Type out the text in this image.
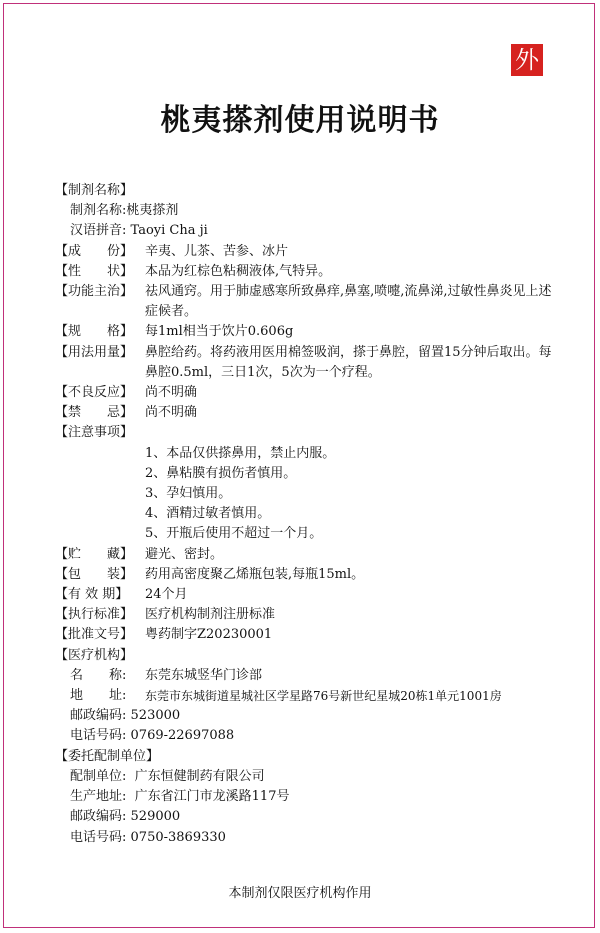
外
桃夷搽剂使用说明书
【制剂名称】
制剂名称: 桃夷搽剂
汉语拼音:
Taoyi Cha ji
【成　　份】 辛夷、儿茶、苦参、冰片
【性　　状】 本品为红棕色粘稠液体,气特异。
【功能主治】 祛风通窍。用于肺虚感寒所致鼻痒,鼻塞,喷嚏,流鼻涕,过敏性鼻炎见上述症候者。
【规　　格】 每1ml相当于饮片0.606g
【用法用量】 鼻腔给药。将药液用医用棉签吸润，搽于鼻腔，留置15分钟后取出。每鼻腔0.5ml，三日1次，5次为一个疗程。
【不良反应】 尚不明确
【禁　　忌】 尚不明确
【注意事项】
1、本品仅供搽鼻用，禁止内服。
2、鼻粘膜有损伤者慎用。
3、孕妇慎用。
4、酒精过敏者慎用。
5、开瓶后使用不超过一个月。
【贮　　藏】 避光、密封。
【包　　装】 药用高密度聚乙烯瓶包装,每瓶15ml。
【有 效 期】	24个月
【执行标准】 医疗机构制剂注册标准
【批准文号】 粤药制字Z20230001
【医疗机构】
名　　称:	东莞东城竖华门诊部
地　　址:	东莞市东城街道星城社区学星路76号新世纪星城20栋1单元1001房
邮政编码:
523000
电话号码:
0769-22697088
【委托配制单位】
配制单位:
广东恒健制药有限公司
生产地址:
广东省江门市龙溪路117号
邮政编码:
529000
电话号码:
0750-3869330
本制剂仅限医疗机构作用
